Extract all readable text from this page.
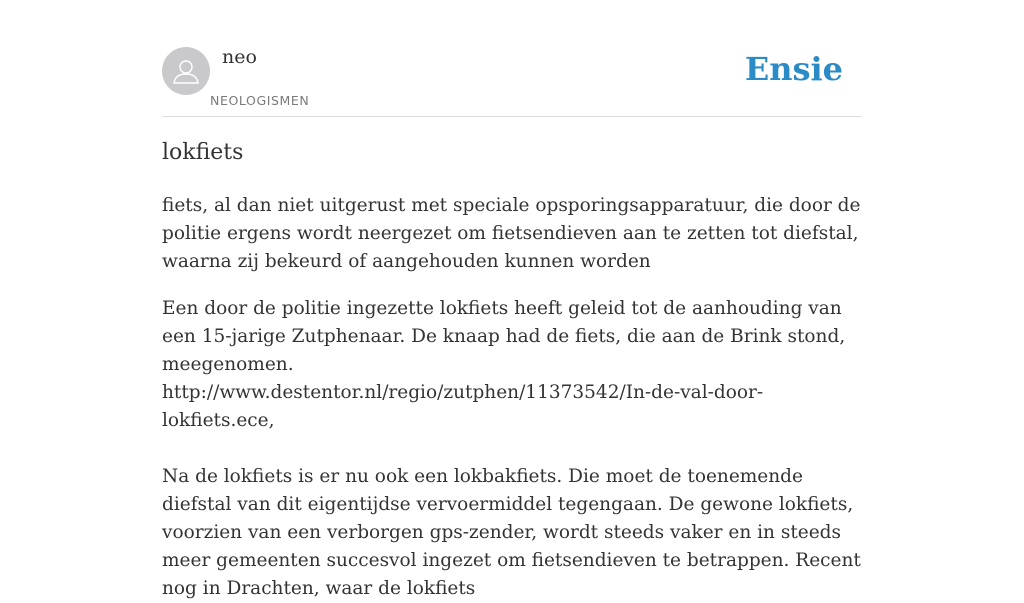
neo
NEOLOGISMEN
Ensie
lokfiets
fiets, al dan niet uitgerust met speciale opsporingsapparatuur, die door de politie ergens wordt neergezet om fietsendieven aan te zetten tot diefstal, waarna zij bekeurd of aangehouden kunnen worden
Een door de politie ingezette lokfiets heeft geleid tot de aanhouding van een 15-jarige Zutphenaar. De knaap had de fiets, die aan de Brink stond, meegenomen.
http://www.destentor.nl/regio/zutphen/11373542/In-de-val-door-lokfiets.ece,

Na de lokfiets is er nu ook een lokbakfiets. Die moet de toenemende diefstal van dit eigentijdse vervoermiddel tegengaan. De gewone lokfiets, voorzien van een verborgen gps-zender, wordt steeds vaker en in steeds meer gemeenten succesvol ingezet om fietsendieven te betrappen. Recent nog in Drachten, waar de lokfiets
